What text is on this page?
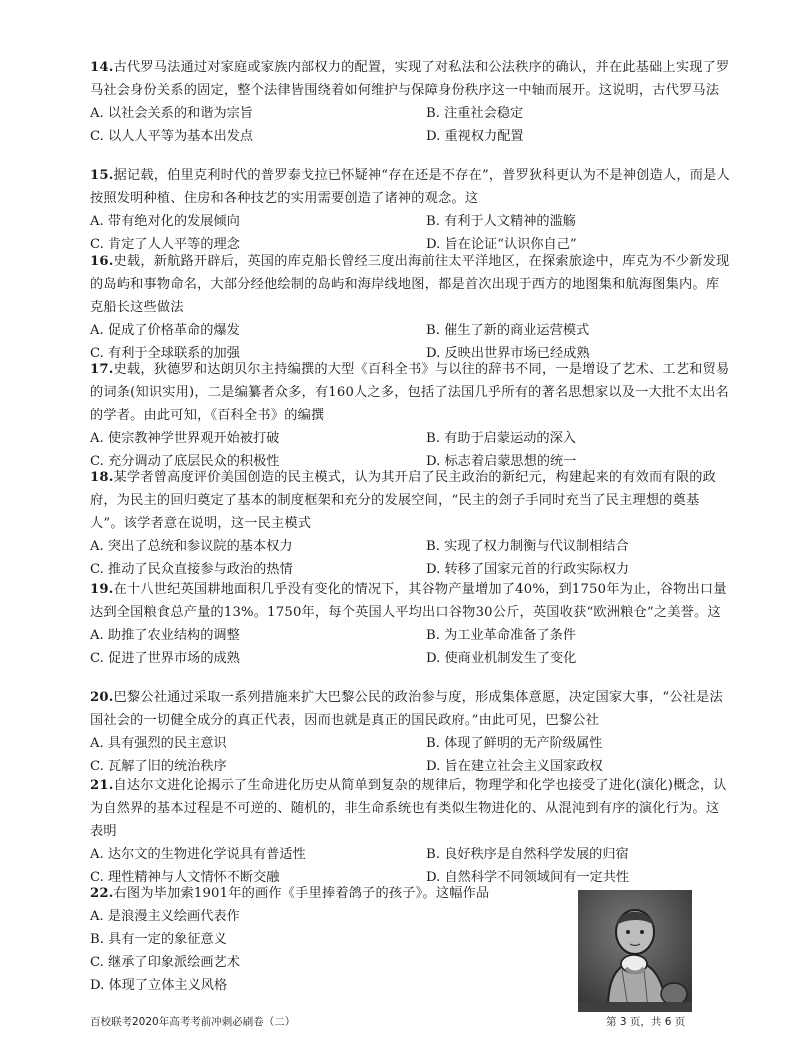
14.古代罗马法通过对家庭或家族内部权力的配置，实现了对私法和公法秩序的确认，并在此基础上实现了罗马社会身份关系的固定，整个法律皆围绕着如何维护与保障身份秩序这一中轴而展开。这说明，古代罗马法

A. 以社会关系的和谐为宗旨	B. 注重社会稳定
C. 以人人平等为基本出发点	D. 重视权力配置

15.据记载，伯里克利时代的普罗泰戈拉已怀疑神“存在还是不存在”，普罗狄科更认为不是神创造人，而是人按照发明种植、住房和各种技艺的实用需要创造了诸神的观念。这

A. 带有绝对化的发展倾向	B. 有利于人文精神的滥觞
C. 肯定了人人平等的理念	D. 旨在论证“认识你自己”

16.史载，新航路开辟后，英国的库克船长曾经三度出海前往太平洋地区，在探索旅途中，库克为不少新发现的岛屿和事物命名，大部分经他绘制的岛屿和海岸线地图，都是首次出现于西方的地图集和航海图集内。库克船长这些做法

A. 促成了价格革命的爆发	B. 催生了新的商业运营模式
C. 有利于全球联系的加强	D. 反映出世界市场已经成熟

17.史载，狄德罗和达朗贝尔主持编撰的大型《百科全书》与以往的辞书不同，一是增设了艺术、工艺和贸易的词条(知识实用)，二是编纂者众多，有160人之多，包括了法国几乎所有的著名思想家以及一大批不太出名的学者。由此可知，《百科全书》的编撰

A. 使宗教神学世界观开始被打破	B. 有助于启蒙运动的深入
C. 充分调动了底层民众的积极性	D. 标志着启蒙思想的统一

18.某学者曾高度评价美国创造的民主模式，认为其开启了民主政治的新纪元，构建起来的有效而有限的政府，为民主的回归奠定了基本的制度框架和充分的发展空间，“民主的刽子手同时充当了民主理想的奠基人”。该学者意在说明，这一民主模式

A. 突出了总统和参议院的基本权力	B. 实现了权力制衡与代议制相结合
C. 推动了民众直接参与政治的热情	D. 转移了国家元首的行政实际权力

19.在十八世纪英国耕地面积几乎没有变化的情况下，其谷物产量增加了40%，到1750年为止，谷物出口量达到全国粮食总产量的13%。1750年，每个英国人平均出口谷物30公斤，英国收获“欧洲粮仓”之美誉。这

A. 助推了农业结构的调整	B. 为工业革命准备了条件
C. 促进了世界市场的成熟	D. 使商业机制发生了变化

20.巴黎公社通过采取一系列措施来扩大巴黎公民的政治参与度，形成集体意愿，决定国家大事，“公社是法国社会的一切健全成分的真正代表，因而也就是真正的国民政府。”由此可见，巴黎公社

A. 具有强烈的民主意识	B. 体现了鲜明的无产阶级属性
C. 瓦解了旧的统治秩序	D. 旨在建立社会主义国家政权

21.自达尔文进化论揭示了生命进化历史从简单到复杂的规律后，物理学和化学也接受了进化(演化)概念，认为自然界的基本过程是不可逆的、随机的，非生命系统也有类似生物进化的、从混沌到有序的演化行为。这表明

A. 达尔文的生物进化学说具有普适性	B. 良好秩序是自然科学发展的归宿
C. 理性精神与人文情怀不断交融	D. 自然科学不同领域间有一定共性

22.右图为毕加索1901年的画作《手里捧着鸽子的孩子》。这幅作品

A. 是浪漫主义绘画代表作
B. 具有一定的象征意义
C. 继承了印象派绘画艺术
D. 体现了立体主义风格
百校联考2020年高考考前冲刺必刷卷（二）	第 3 页，共 6 页
